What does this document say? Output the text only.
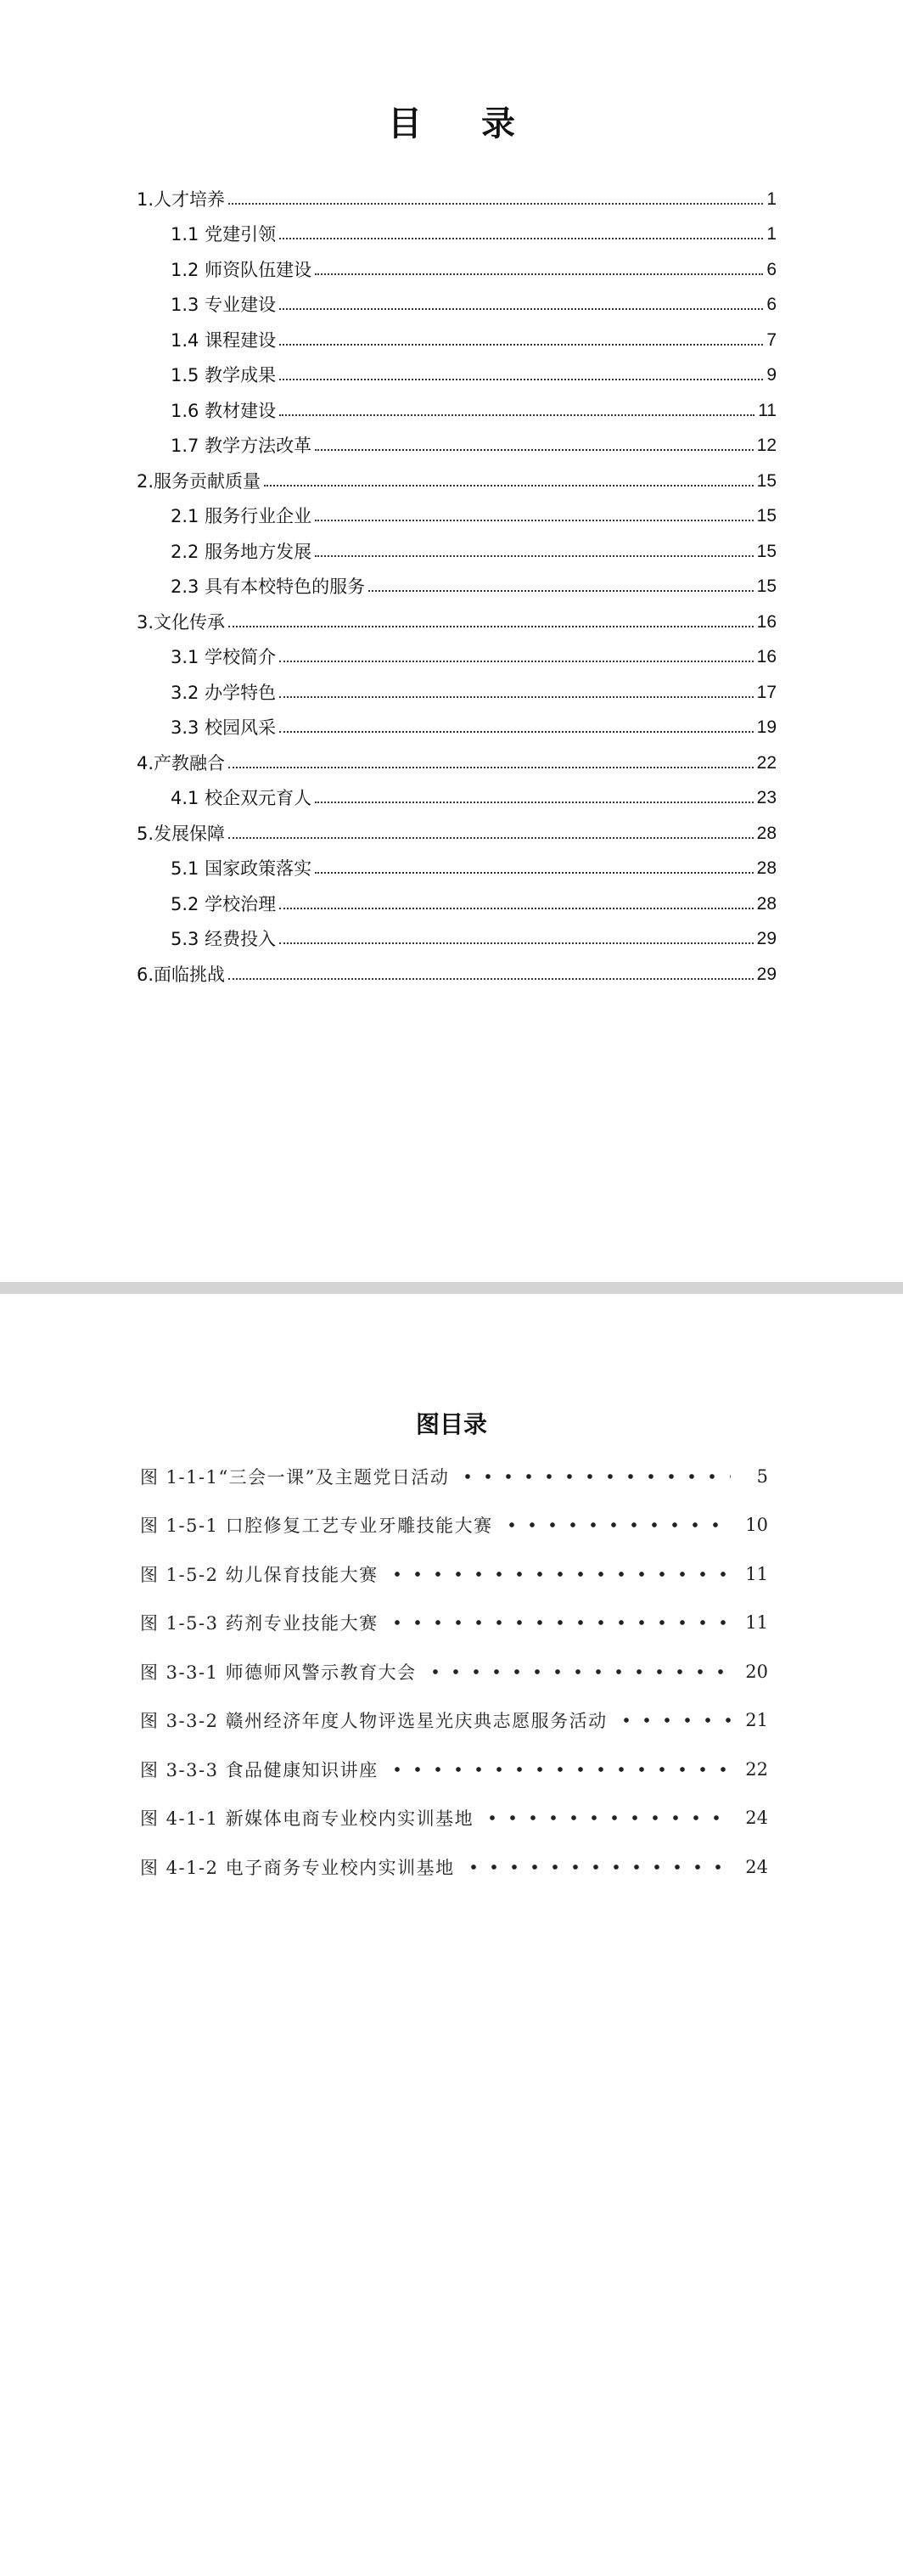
目 录
1.人才培养	1
1.1 党建引领	1
1.2 师资队伍建设	6
1.3 专业建设	6
1.4 课程建设	7
1.5 教学成果	9
1.6 教材建设	11
1.7 教学方法改革	12
2.服务贡献质量	15
2.1 服务行业企业	15
2.2 服务地方发展	15
2.3 具有本校特色的服务	15
3.文化传承	16
3.1 学校简介	16
3.2 办学特色	17
3.3 校园风采	19
4.产教融合	22
4.1 校企双元育人	23
5.发展保障	28
5.1 国家政策落实	28
5.2 学校治理	28
5.3 经费投入	29
6.面临挑战	29
图目录
图 1-1-1“三会一课”及主题党日活动	5
图 1-5-1 口腔修复工艺专业牙雕技能大赛	10
图 1-5-2 幼儿保育技能大赛	11
图 1-5-3 药剂专业技能大赛	11
图 3-3-1 师德师风警示教育大会	20
图 3-3-2 赣州经济年度人物评选星光庆典志愿服务活动	21
图 3-3-3 食品健康知识讲座	22
图 4-1-1 新媒体电商专业校内实训基地	24
图 4-1-2 电子商务专业校内实训基地	24
